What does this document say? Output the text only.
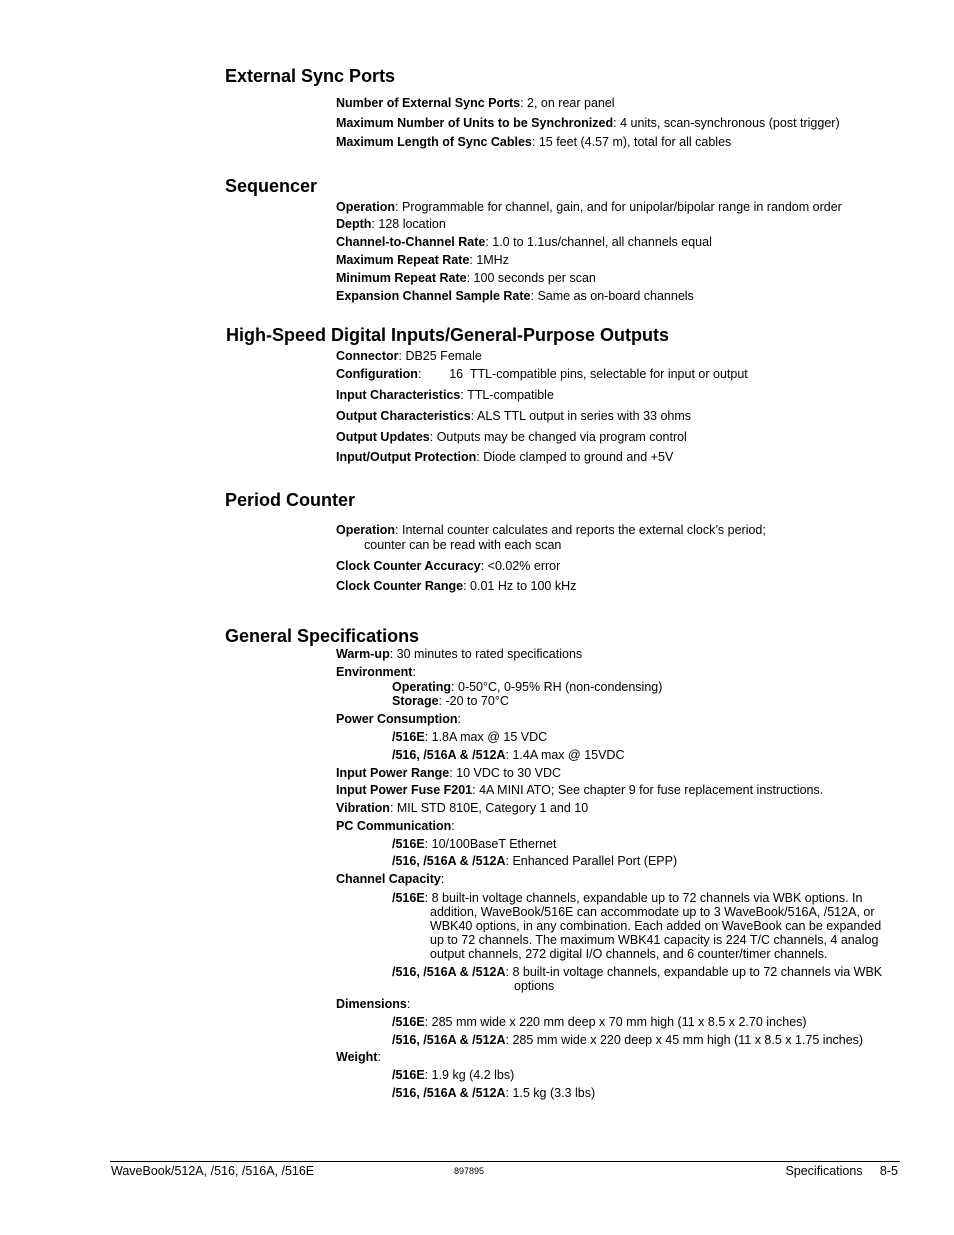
External Sync Ports
Number of External Sync Ports: 2, on rear panel
Maximum Number of Units to be Synchronized: 4 units, scan-synchronous (post trigger)
Maximum Length of Sync Cables: 15 feet (4.57 m), total for all cables
Sequencer
Operation: Programmable for channel, gain, and for unipolar/bipolar range in random order
Depth: 128 location
Channel-to-Channel Rate: 1.0 to 1.1us/channel, all channels equal
Maximum Repeat Rate: 1MHz
Minimum Repeat Rate: 100 seconds per scan
Expansion Channel Sample Rate: Same as on-board channels
High-Speed Digital Inputs/General-Purpose Outputs
Connector: DB25 Female
Configuration:        16  TTL-compatible pins, selectable for input or output
Input Characteristics: TTL-compatible
Output Characteristics: ALS TTL output in series with 33 ohms
Output Updates: Outputs may be changed via program control
Input/Output Protection: Diode clamped to ground and +5V
Period Counter
Operation: Internal counter calculates and reports the external clock’s period;
counter can be read with each scan
Clock Counter Accuracy: <0.02% error
Clock Counter Range: 0.01 Hz to 100 kHz
General Specifications
Warm-up: 30 minutes to rated specifications
Environment:
Operating: 0-50°C, 0-95% RH (non-condensing)
Storage: -20 to 70°C
Power Consumption:
/516E: 1.8A max @ 15 VDC
/516, /516A & /512A: 1.4A max @ 15VDC
Input Power Range: 10 VDC to 30 VDC
Input Power Fuse F201: 4A MINI ATO; See chapter 9 for fuse replacement instructions.
Vibration: MIL STD 810E, Category 1 and 10
PC Communication:
/516E: 10/100BaseT Ethernet
/516, /516A & /512A: Enhanced Parallel Port (EPP)
Channel Capacity:
/516E: 8 built-in voltage channels, expandable up to 72 channels via WBK options. In
addition, WaveBook/516E can accommodate up to 3 WaveBook/516A, /512A, or
WBK40 options, in any combination. Each added on WaveBook can be expanded
up to 72 channels. The maximum WBK41 capacity is 224 T/C channels, 4 analog
output channels, 272 digital I/O channels, and 6 counter/timer channels.
/516, /516A & /512A: 8 built-in voltage channels, expandable up to 72 channels via WBK
options
Dimensions:
/516E: 285 mm wide x 220 mm deep x 70 mm high (11 x 8.5 x 2.70 inches)
/516, /516A & /512A: 285 mm wide x 220 deep x 45 mm high (11 x 8.5 x 1.75 inches)
Weight:
/516E: 1.9 kg (4.2 lbs)
/516, /516A & /512A: 1.5 kg (3.3 lbs)
WaveBook/512A, /516, /516A, /516E	897895	Specifications     8-5
